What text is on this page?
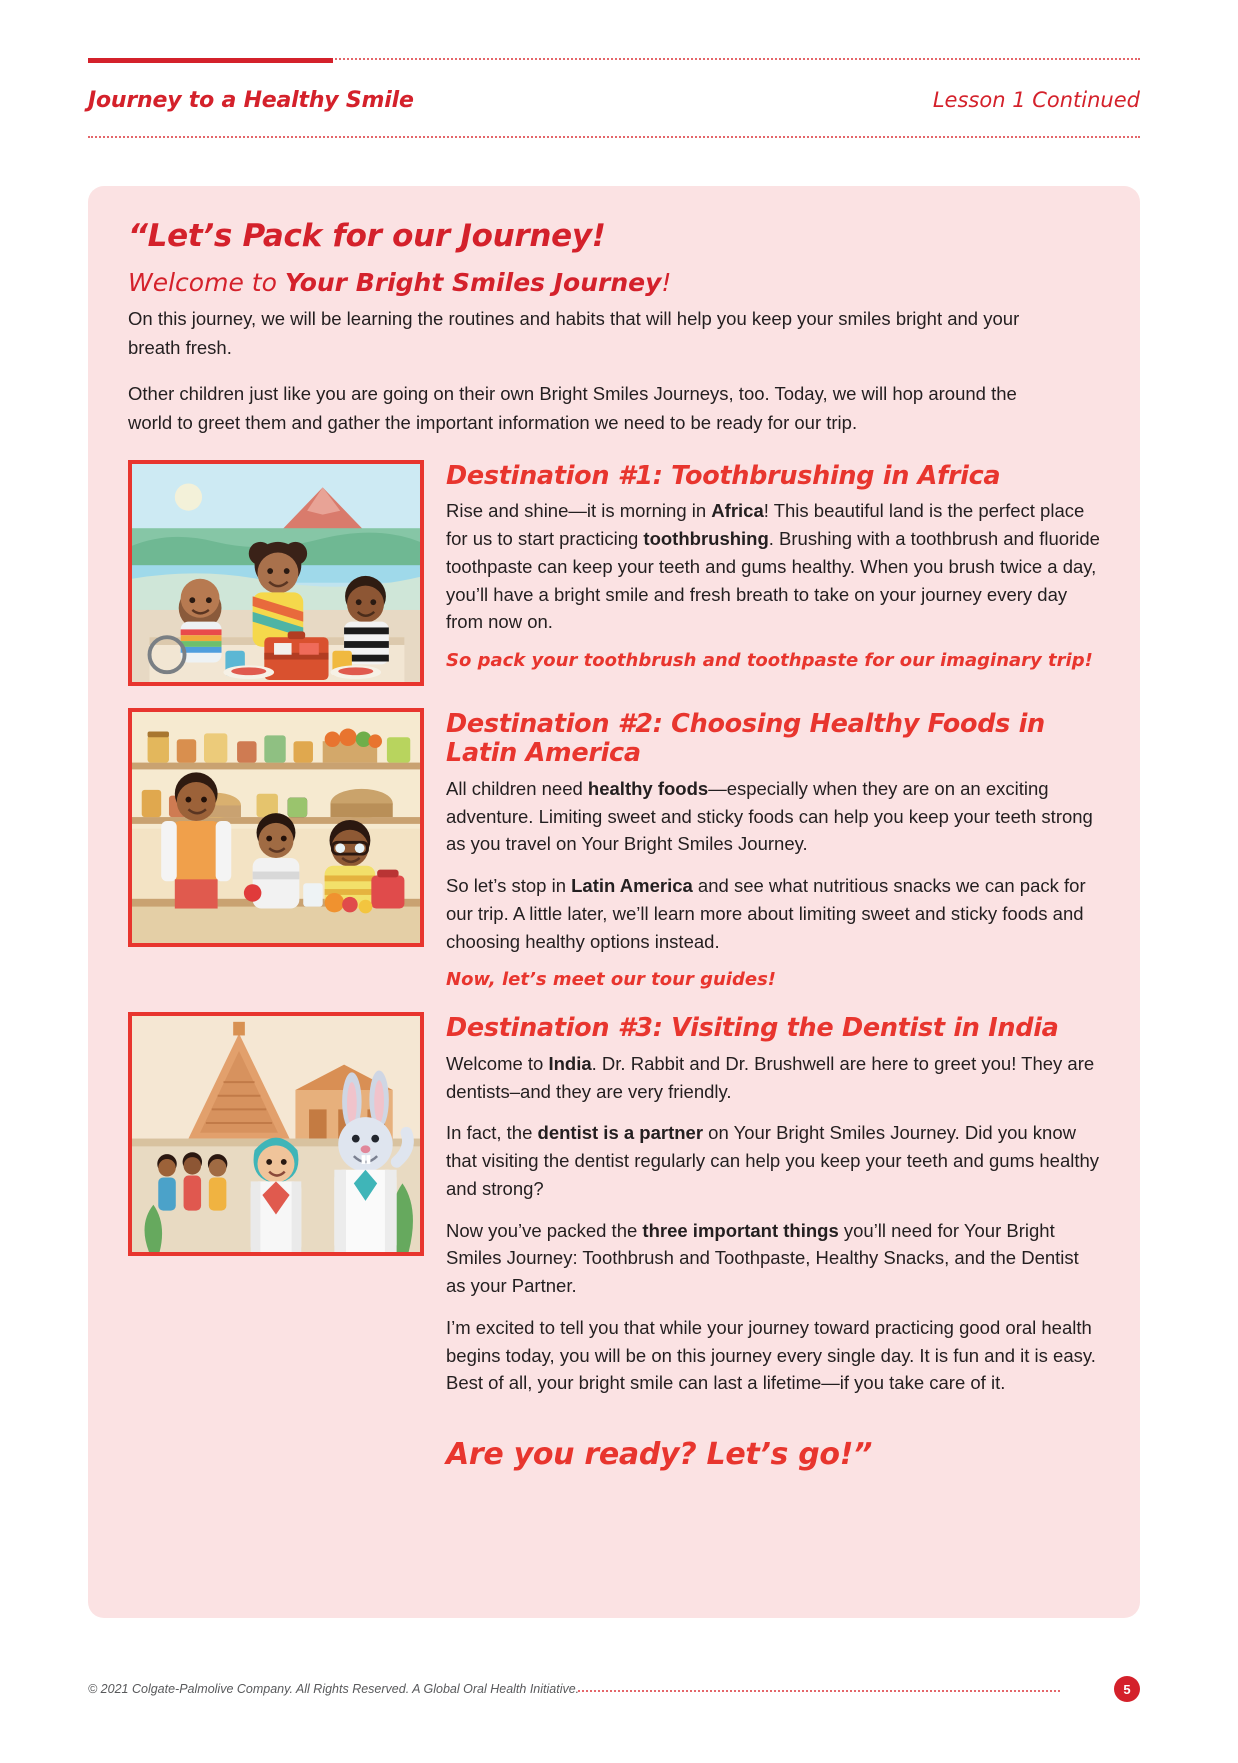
Journey to a Healthy Smile	Lesson 1 Continued
“Let’s Pack for our Journey!

Welcome to Your Bright Smiles Journey!

On this journey, we will be learning the routines and habits that will help you keep your smiles bright and your breath fresh.

Other children just like you are going on their own Bright Smiles Journeys, too. Today, we will hop around the world to greet them and gather the important information we need to be ready for our trip.

Destination #1: Toothbrushing in Africa

Rise and shine—it is morning in Africa! This beautiful land is the perfect place for us to start practicing toothbrushing. Brushing with a toothbrush and fluoride toothpaste can keep your teeth and gums healthy. When you brush twice a day, you’ll have a bright smile and fresh breath to take on your journey every day from now on.

So pack your toothbrush and toothpaste for our imaginary trip!

Destination #2: Choosing Healthy Foods in Latin America

All children need healthy foods—especially when they are on an exciting adventure. Limiting sweet and sticky foods can help you keep your teeth strong as you travel on Your Bright Smiles Journey.

So let’s stop in Latin America and see what nutritious snacks we can pack for our trip. A little later, we’ll learn more about limiting sweet and sticky foods and choosing healthy options instead.

Now, let’s meet our tour guides!

Destination #3: Visiting the Dentist in India

Welcome to India. Dr. Rabbit and Dr. Brushwell are here to greet you! They are dentists–and they are very friendly.

In fact, the dentist is a partner on Your Bright Smiles Journey. Did you know that visiting the dentist regularly can help you keep your teeth and gums healthy and strong?

Now you’ve packed the three important things you’ll need for Your Bright Smiles Journey: Toothbrush and Toothpaste, Healthy Snacks, and the Dentist as your Partner.

I’m excited to tell you that while your journey toward practicing good oral health begins today, you will be on this journey every single day. It is fun and it is easy. Best of all, your bright smile can last a lifetime—if you take care of it.

Are you ready? Let’s go!”

© 2021 Colgate-Palmolive Company. All Rights Reserved. A Global Oral Health Initiative.	5
